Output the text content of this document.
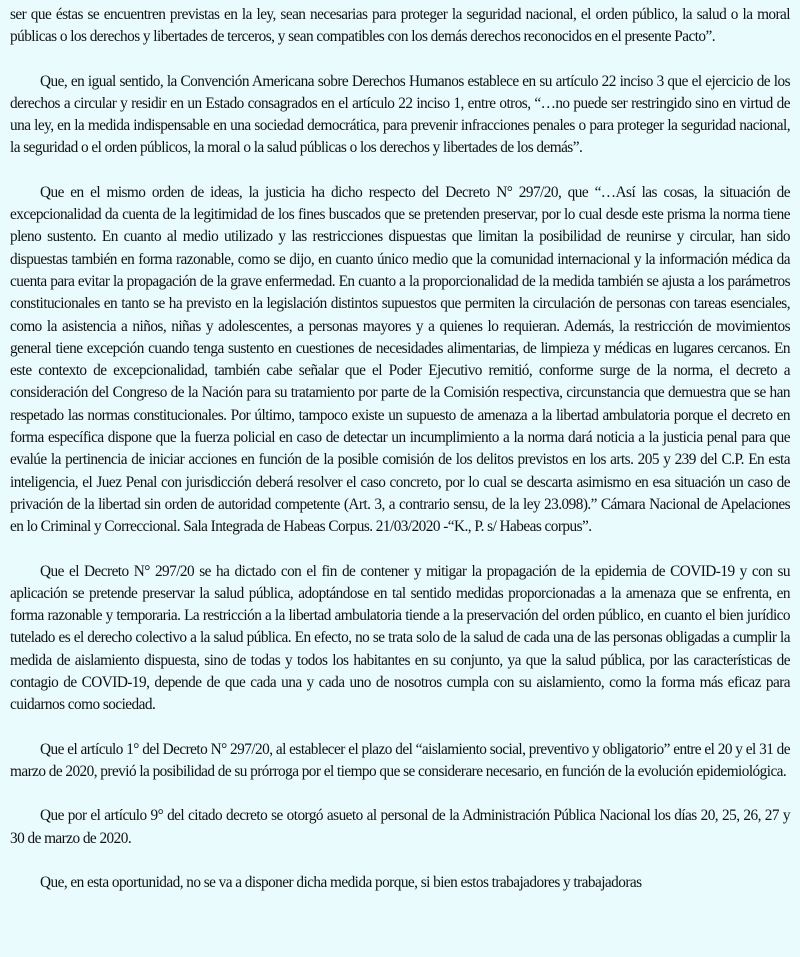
ser que éstas se encuentren previstas en la ley, sean necesarias para proteger la seguridad nacional, el orden público, la salud o la moral públicas o los derechos y libertades de terceros, y sean compatibles con los demás derechos reconocidos en el presente Pacto”.

Que, en igual sentido, la Convención Americana sobre Derechos Humanos establece en su artículo 22 inciso 3 que el ejercicio de los derechos a circular y residir en un Estado consagrados en el artículo 22 inciso 1, entre otros, “…no puede ser restringido sino en virtud de una ley, en la medida indispensable en una sociedad democrática, para prevenir infracciones penales o para proteger la seguridad nacional, la seguridad o el orden públicos, la moral o la salud públicas o los derechos y libertades de los demás”.

Que en el mismo orden de ideas, la justicia ha dicho respecto del Decreto N° 297/20, que “…Así las cosas, la situación de excepcionalidad da cuenta de la legitimidad de los fines buscados que se pretenden preservar, por lo cual desde este prisma la norma tiene pleno sustento. En cuanto al medio utilizado y las restricciones dispuestas que limitan la posibilidad de reunirse y circular, han sido dispuestas también en forma razonable, como se dijo, en cuanto único medio que la comunidad internacional y la información médica da cuenta para evitar la propagación de la grave enfermedad. En cuanto a la proporcionalidad de la medida también se ajusta a los parámetros constitucionales en tanto se ha previsto en la legislación distintos supuestos que permiten la circulación de personas con tareas esenciales, como la asistencia a niños, niñas y adolescentes, a personas mayores y a quienes lo requieran. Además, la restricción de movimientos general tiene excepción cuando tenga sustento en cuestiones de necesidades alimentarias, de limpieza y médicas en lugares cercanos. En este contexto de excepcionalidad, también cabe señalar que el Poder Ejecutivo remitió, conforme surge de la norma, el decreto a consideración del Congreso de la Nación para su tratamiento por parte de la Comisión respectiva, circunstancia que demuestra que se han respetado las normas constitucionales. Por último, tampoco existe un supuesto de amenaza a la libertad ambulatoria porque el decreto en forma específica dispone que la fuerza policial en caso de detectar un incumplimiento a la norma dará noticia a la justicia penal para que evalúe la pertinencia de iniciar acciones en función de la posible comisión de los delitos previstos en los arts. 205 y 239 del C.P. En esta inteligencia, el Juez Penal con jurisdicción deberá resolver el caso concreto, por lo cual se descarta asimismo en esa situación un caso de privación de la libertad sin orden de autoridad competente (Art. 3, a contrario sensu, de la ley 23.098).” Cámara Nacional de Apelaciones en lo Criminal y Correccional. Sala Integrada de Habeas Corpus. 21/03/2020 -“K., P. s/ Habeas corpus”.

Que el Decreto N° 297/20 se ha dictado con el fin de contener y mitigar la propagación de la epidemia de COVID-19 y con su aplicación se pretende preservar la salud pública, adoptándose en tal sentido medidas proporcionadas a la amenaza que se enfrenta, en forma razonable y temporaria. La restricción a la libertad ambulatoria tiende a la preservación del orden público, en cuanto el bien jurídico tutelado es el derecho colectivo a la salud pública. En efecto, no se trata solo de la salud de cada una de las personas obligadas a cumplir la medida de aislamiento dispuesta, sino de todas y todos los habitantes en su conjunto, ya que la salud pública, por las características de contagio de COVID-19, depende de que cada una y cada uno de nosotros cumpla con su aislamiento, como la forma más eficaz para cuidarnos como sociedad.

Que el artículo 1° del Decreto N° 297/20, al establecer el plazo del “aislamiento social, preventivo y obligatorio” entre el 20 y el 31 de marzo de 2020, previó la posibilidad de su prórroga por el tiempo que se considerare necesario, en función de la evolución epidemiológica.

Que por el artículo 9° del citado decreto se otorgó asueto al personal de la Administración Pública Nacional los días 20, 25, 26, 27 y 30 de marzo de 2020.

Que, en esta oportunidad, no se va a disponer dicha medida porque, si bien estos trabajadores y trabajadoras
